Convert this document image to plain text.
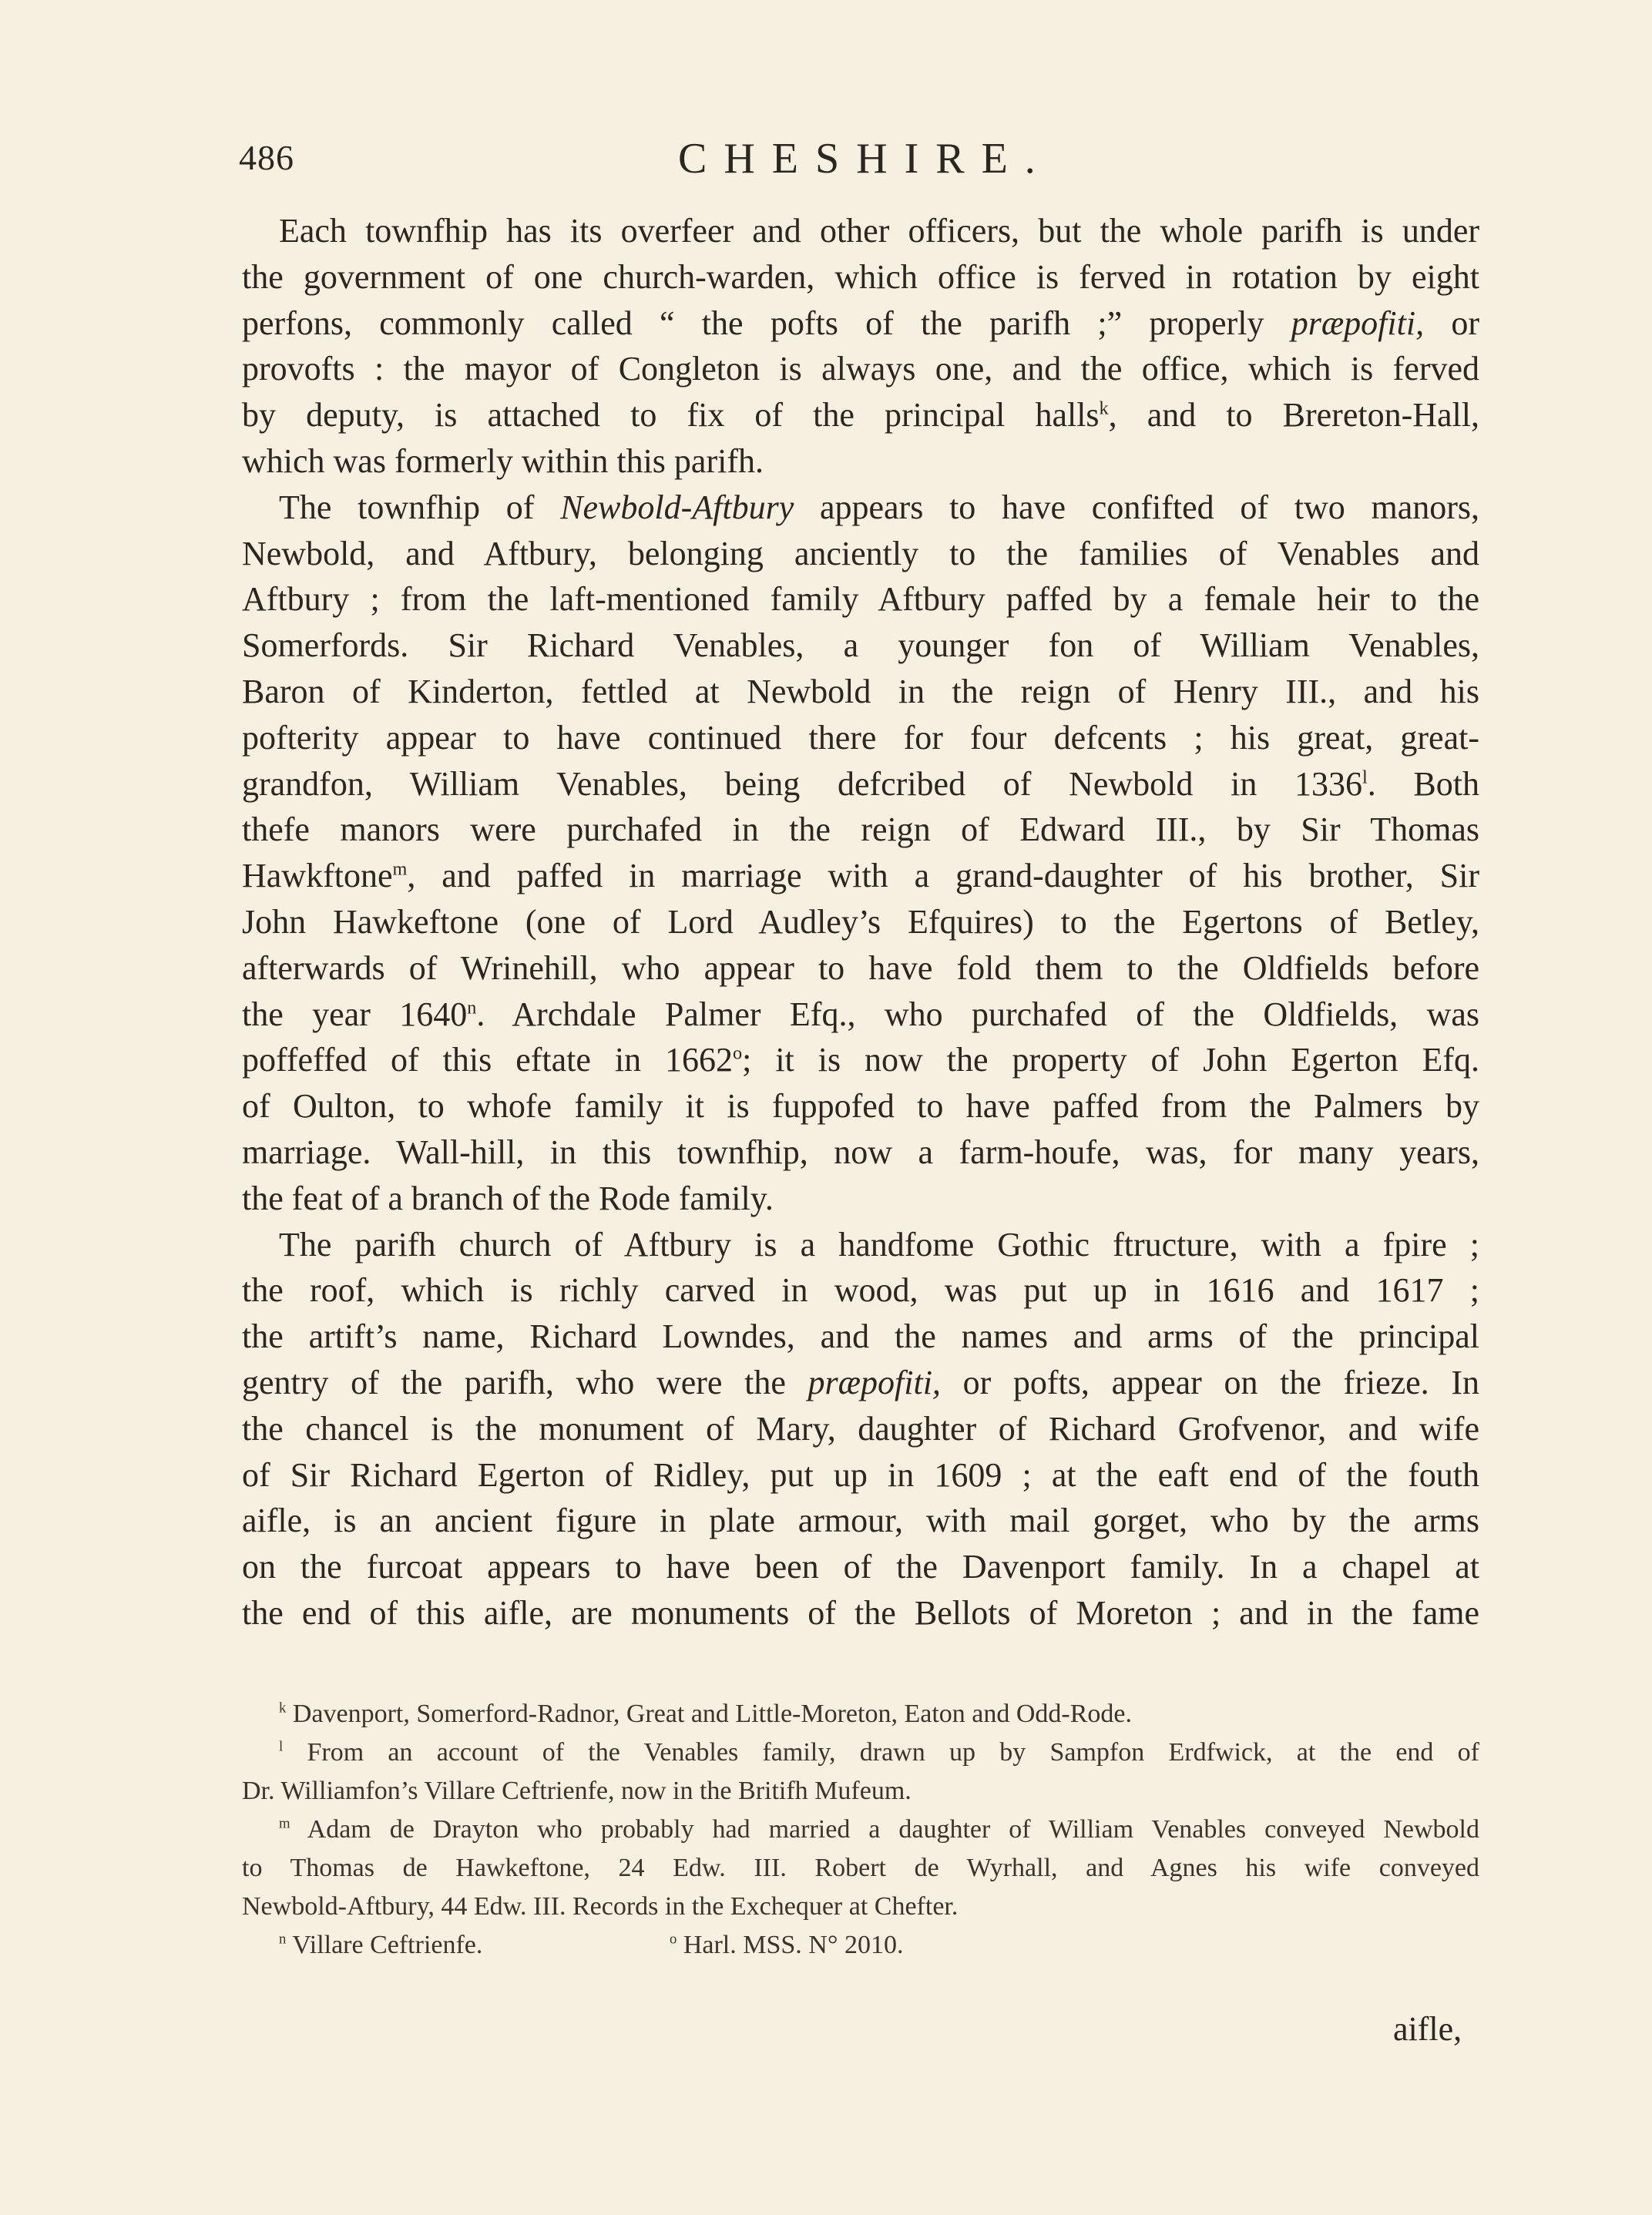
486	CHESHIRE.
Each townfhip has its overfeer and other officers, but the whole parifh is under
the government of one church-warden, which office is ferved in rotation by eight
perfons, commonly called “ the pofts of the parifh ;” properly præpofiti, or
provofts : the mayor of Congleton is always one, and the office, which is ferved
by deputy, is attached to fix of the principal halls$^k$, and to Brereton-Hall,
which was formerly within this parifh.
The townfhip of Newbold-Aftbury appears to have confifted of two manors,
Newbold, and Aftbury, belonging anciently to the families of Venables and
Aftbury ; from the laft-mentioned family Aftbury paffed by a female heir to the
Somerfords. Sir Richard Venables, a younger fon of William Venables,
Baron of Kinderton, fettled at Newbold in the reign of Henry III., and his
pofterity appear to have continued there for four defcents ; his great, great-
grandfon, William Venables, being defcribed of Newbold in 1336$^l$. Both
thefe manors were purchafed in the reign of Edward III., by Sir Thomas
Hawkftone$^m$, and paffed in marriage with a grand-daughter of his brother, Sir
John Hawkeftone (one of Lord Audley’s Efquires) to the Egertons of Betley,
afterwards of Wrinehill, who appear to have fold them to the Oldfields before
the year 1640$^n$. Archdale Palmer Efq., who purchafed of the Oldfields, was
poffeffed of this eftate in 1662$^o$; it is now the property of John Egerton Efq.
of Oulton, to whofe family it is fuppofed to have paffed from the Palmers by
marriage. Wall-hill, in this townfhip, now a farm-houfe, was, for many years,
the feat of a branch of the Rode family.
The parifh church of Aftbury is a handfome Gothic ftructure, with a fpire ;
the roof, which is richly carved in wood, was put up in 1616 and 1617 ;
the artift’s name, Richard Lowndes, and the names and arms of the principal
gentry of the parifh, who were the præpofiti, or pofts, appear on the frieze. In
the chancel is the monument of Mary, daughter of Richard Grofvenor, and wife
of Sir Richard Egerton of Ridley, put up in 1609 ; at the eaft end of the fouth
aifle, is an ancient figure in plate armour, with mail gorget, who by the arms
on the furcoat appears to have been of the Davenport family. In a chapel at
the end of this aifle, are monuments of the Bellots of Moreton ; and in the fame
$^k$ Davenport, Somerford-Radnor, Great and Little-Moreton, Eaton and Odd-Rode.
$^l$ From an account of the Venables family, drawn up by Sampfon Erdfwick, at the end of
Dr. Williamfon’s Villare Ceftrienfe, now in the Britifh Mufeum.
$^m$ Adam de Drayton who probably had married a daughter of William Venables conveyed Newbold
to Thomas de Hawkeftone, 24 Edw. III. Robert de Wyrhall, and Agnes his wife conveyed
Newbold-Aftbury, 44 Edw. III. Records in the Exchequer at Chefter.
$^n$ Villare Ceftrienfe.	$^o$ Harl. MSS. N° 2010.
aifle,
